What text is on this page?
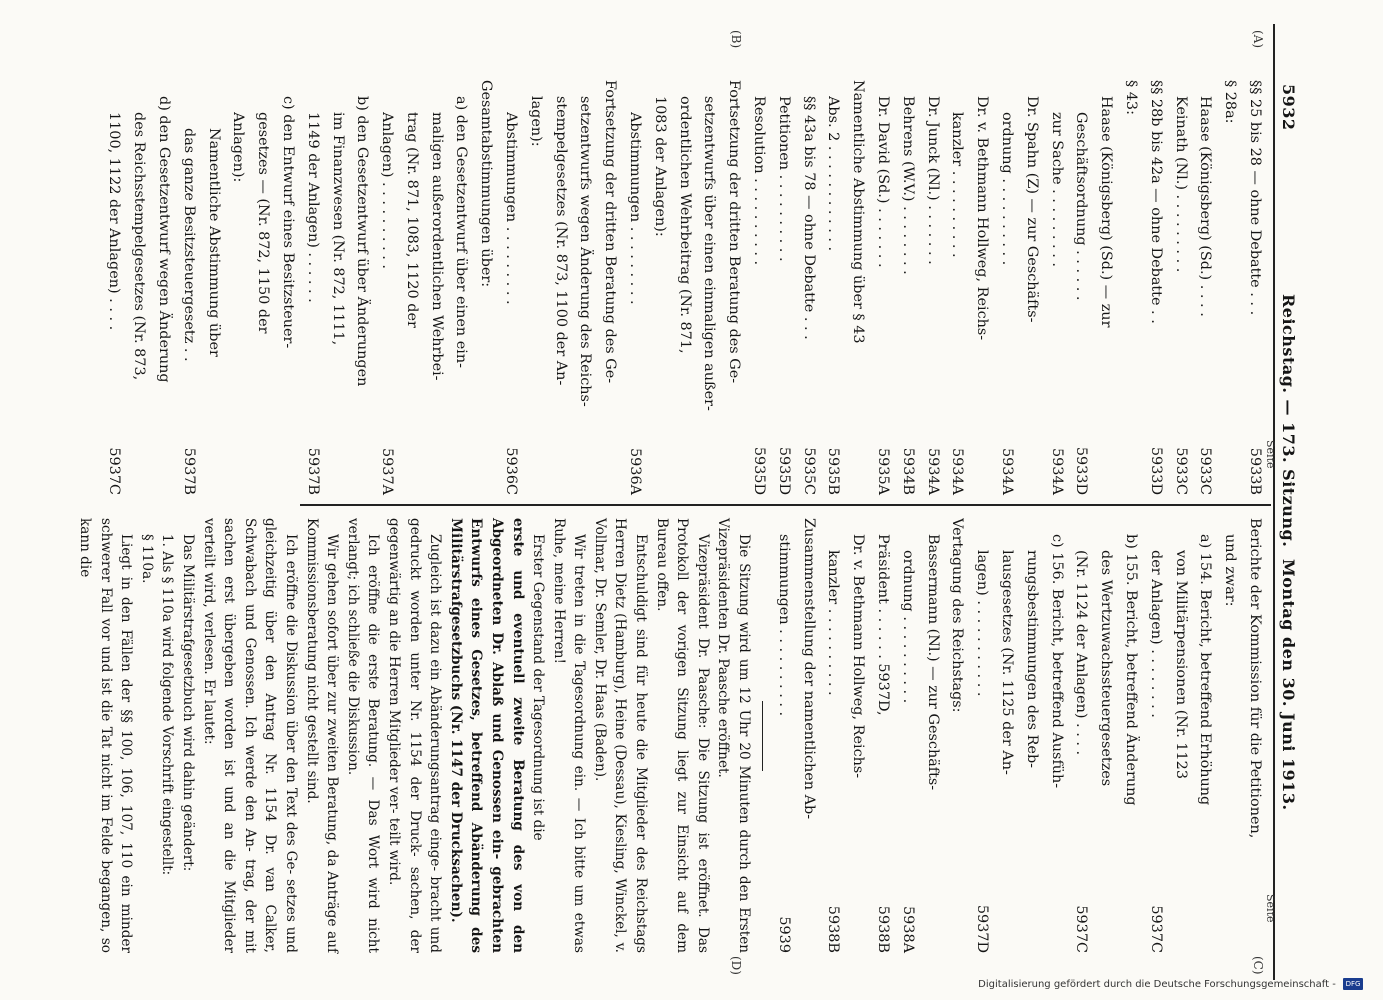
5932
Reichstag. — 173. Sitzung.
Montag den 30. Juni 1913.
(A)
(B)
(C)
(D)
Seite
Seite
§§ 25 bis 28 — ohne Debatte . . .
5933B
§ 28a:
Haase (Königsberg) (Sd.) . . . .
5933C
Keinath (Nl.) . . . . . . . . .
5933C
§§ 28b bis 42a — ohne Debatte . .
5933D
§ 43:
Haase (Königsberg) (Sd.) — zur
Geschäftsordnung . . . . . .
5933D
zur Sache . . . . . . . . .
5934A
Dr. Spahn (Z) — zur Geschäfts-
ordnung . . . . . . . . . .
5934A
Dr. v. Bethmann Hollweg, Reichs-
kanzler . . . . . . . . . .
5934A
Dr. Junck (Nl.) . . . . . . .
5934A
Behrens (W.V.) . . . . . . . .
5934B
Dr. David (Sd.) . . . . . . .
5935A
Namentliche Abstimmung über § 43
Abs. 2 . . . . . . . . . . . .
5935B
§§ 43a bis 78 — ohne Debatte . . .
5935C
Petitionen . . . . . . . . . .
5935D
Resolution . . . . . . . . . .
5935D
Fortsetzung der dritten Beratung des Ge-
setzentwurfs über einen einmaligen außer-
ordentlichen Wehrbeitrag (Nr. 871,
1083 der Anlagen):
Abstimmungen . . . . . . . . .
5936A
Fortsetzung der dritten Beratung des Ge-
setzentwurfs wegen Änderung des Reichs-
stempelgesetzes (Nr. 873, 1100 der An-
lagen):
Abstimmungen . . . . . . . . .
5936C
Gesamtabstimmungen über:
a) den Gesetzentwurf über einen ein-
maligen außerordentlichen Wehrbei-
trag (Nr. 871, 1083, 1120 der
Anlagen) . . . . . . . . . .
5937A
b) den Gesetzentwurf über Änderungen
im Finanzwesen (Nr. 872, 1111,
1149 der Anlagen) . . . . . .
5937B
c) den Entwurf eines Besitzsteuer-
gesetzes — (Nr. 872, 1150 der
Anlagen):
Namentliche Abstimmung über
das ganze Besitzsteuergesetz . .
5937B
d) den Gesetzentwurf wegen Änderung
des Reichsstempelgesetzes (Nr. 873,
1100, 1122 der Anlagen) . . . .
5937C
Berichte der Kommission für die Petitionen,
und zwar:
a) 154. Bericht, betreffend Erhöhung
von Militärpensionen (Nr. 1123
der Anlagen) . . . . . . . .
5937C
b) 155. Bericht, betreffend Änderung
des Wertzuwachssteuergesetzes
(Nr. 1124 der Anlagen) . . . .
5937C
c) 156. Bericht, betreffend Ausfüh-
rungsbestimmungen des Reb-
lausgesetzes (Nr. 1125 der An-
lagen) . . . . . . . . . . .
5937D
Vertagung des Reichstags:
Bassermann (Nl.) — zur Geschäfts-
ordnung . . . . . . . . . .
5938A
Präsident . . . . . . 5937D,
5938B
Dr. v. Bethmann Hollweg, Reichs-
kanzler . . . . . . . . . .
5938B
Zusammenstellung der namentlichen Ab-
stimmungen . . . . . . . . . .
5939
Die Sitzung wird um 12 Uhr 20 Minuten durch den Ersten Vizepräsidenten Dr. Paasche eröffnet.
Vizepräsident Dr. Paasche: Die Sitzung ist eröffnet. Das Protokoll der vorigen Sitzung liegt zur Einsicht auf dem Bureau offen.
Entschuldigt sind für heute die Mitglieder des Reichstags Herren Dietz (Hamburg), Heine (Dessau), Kiesling, Winckel, v. Vollmar, Dr. Semler, Dr. Haas (Baden).
Wir treten in die Tagesordnung ein. — Ich bitte um etwas Ruhe, meine Herren!
Erster Gegenstand der Tagesordnung ist die
erste und eventuell zweite Beratung des von den Abgeordneten Dr. Ablaß und Genossen ein- gebrachten Entwurfs eines Gesetzes, betreffend Abänderung des Militärstrafgesetzbuchs (Nr. 1147 der Drucksachen).
Zugleich ist dazu ein Abänderungsantrag einge- bracht und gedruckt worden unter Nr. 1154 der Druck- sachen, der gegenwärtig an die Herren Mitglieder ver- teilt wird.
Ich eröffne die erste Beratung. — Das Wort wird nicht verlangt; ich schließe die Diskussion.
Wir gehen sofort über zur zweiten Beratung, da Anträge auf Kommissionsberatung nicht gestellt sind.
Ich eröffne die Diskussion über den Text des Ge- setzes und gleichzeitig über den Antrag Nr. 1154 Dr. van Calker, Schwabach und Genossen. Ich werde den An- trag, der mit sachen erst übergeben worden ist und an die Mitglieder verteilt wird, verlesen. Er lautet:
Das Militärstrafgesetzbuch wird dahin geändert:
1. Als § 110a wird folgende Vorschrift eingestellt:
§ 110a.
Liegt in den Fällen der §§ 100, 106, 107, 110 ein minder schwerer Fall vor und ist die Tat nicht im Felde begangen, so kann die
Digitalisierung gefördert durch die Deutsche Forschungsgemeinschaft - DFG
